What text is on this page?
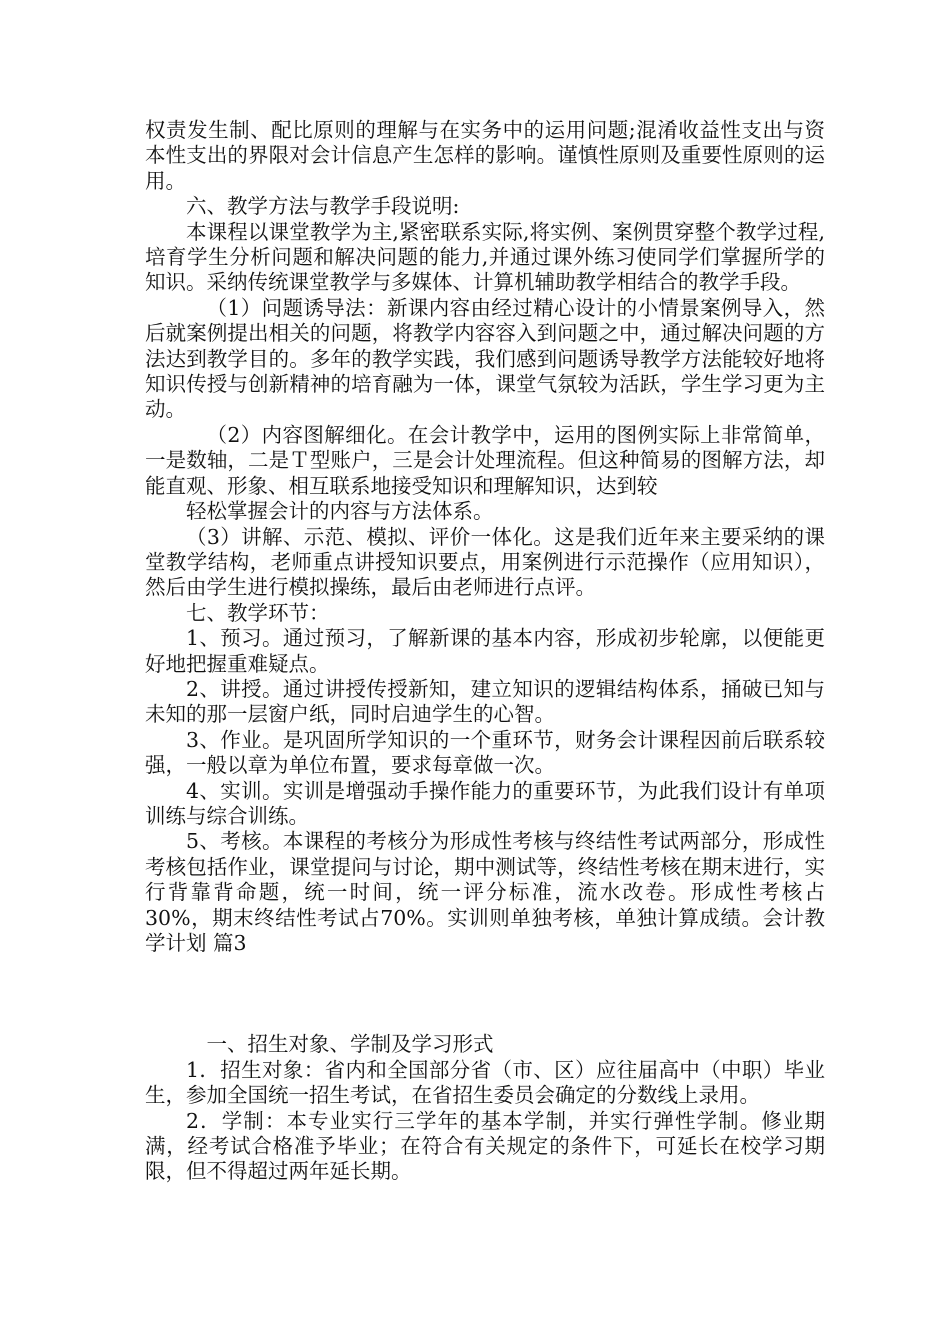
权责发生制、配比原则的理解与在实务中的运用问题;混淆收益性支出与资本性支出的界限对会计信息产生怎样的影响。谨慎性原则及重要性原则的运用。

六、教学方法与教学手段说明:

本课程以课堂教学为主,紧密联系实际,将实例、案例贯穿整个教学过程,培育学生分析问题和解决问题的能力,并通过课外练习使同学们掌握所学的知识。采纳传统课堂教学与多媒体、计算机辅助教学相结合的教学手段。

（1）问题诱导法：新课内容由经过精心设计的小情景案例导入，然后就案例提出相关的问题，将教学内容容入到问题之中，通过解决问题的方法达到教学目的。多年的教学实践，我们感到问题诱导教学方法能较好地将知识传授与创新精神的培育融为一体，课堂气氛较为活跃，学生学习更为主动。

（2）内容图解细化。在会计教学中，运用的图例实际上非常简单，一是数轴，二是Ｔ型账户，三是会计处理流程。但这种简易的图解方法，却能直观、形象、相互联系地接受知识和理解知识，达到较

轻松掌握会计的内容与方法体系。

（3）讲解、示范、模拟、评价一体化。这是我们近年来主要采纳的课堂教学结构，老师重点讲授知识要点，用案例进行示范操作（应用知识），然后由学生进行模拟操练，最后由老师进行点评。

七、教学环节：

1、预习。通过预习，了解新课的基本内容，形成初步轮廓，以便能更好地把握重难疑点。

2、讲授。通过讲授传授新知，建立知识的逻辑结构体系，捅破已知与未知的那一层窗户纸，同时启迪学生的心智。

3、作业。是巩固所学知识的一个重环节，财务会计课程因前后联系较强，一般以章为单位布置，要求每章做一次。

4、实训。实训是增强动手操作能力的重要环节，为此我们设计有单项训练与综合训练。

5、考核。本课程的考核分为形成性考核与终结性考试两部分，形成性考核包括作业，课堂提问与讨论，期中测试等，终结性考核在期末进行，实行背靠背命题，统一时间，统一评分标准，流水改卷。形成性考核占30%，期末终结性考试占70%。实训则单独考核，单独计算成绩。会计教学计划 篇3

一、招生对象、学制及学习形式

1．招生对象：省内和全国部分省（市、区）应往届高中（中职）毕业生，参加全国统一招生考试，在省招生委员会确定的分数线上录用。

2．学制：本专业实行三学年的基本学制，并实行弹性学制。修业期满，经考试合格准予毕业；在符合有关规定的条件下，可延长在校学习期限，但不得超过两年延长期。
